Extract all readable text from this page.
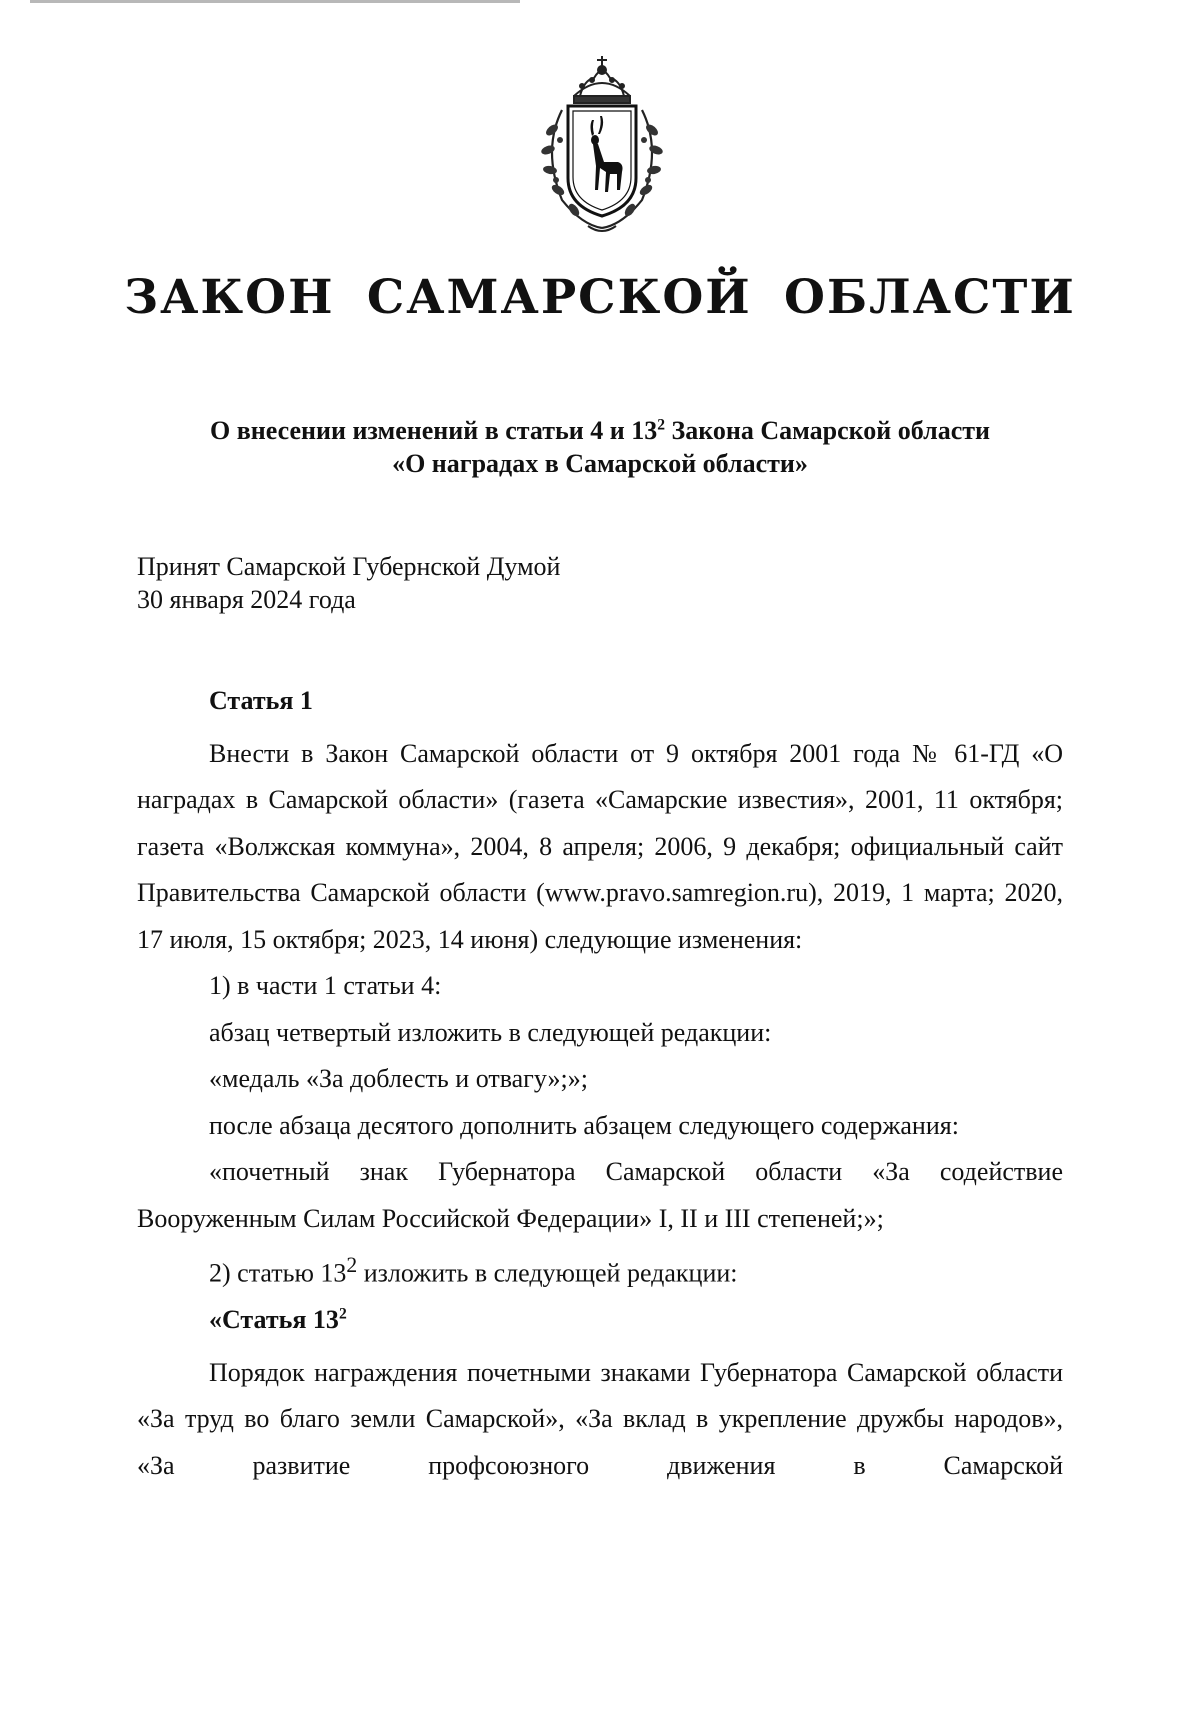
ЗАКОН САМАРСКОЙ ОБЛАСТИ
О внесении изменений в статьи 4 и $13^2$ Закона Самарской области
«О наградах в Самарской области»
Принят Самарской Губернской Думой
30 января 2024 года
Статья 1
Внести в Закон Самарской области от 9 октября 2001 года № 61-ГД «О наградах в Самарской области» (газета «Самарские известия», 2001, 11 октября; газета «Волжская коммуна», 2004, 8 апреля; 2006, 9 декабря; официальный сайт Правительства Самарской области (www.pravo.samregion.ru), 2019, 1 марта; 2020, 17 июля, 15 октября; 2023, 14 июня) следующие изменения:
1) в части 1 статьи 4:
абзац четвертый изложить в следующей редакции:
«медаль «За доблесть и отвагу»;»;
после абзаца десятого дополнить абзацем следующего содержания:
«почетный знак Губернатора Самарской области «За содействие Вооруженным Силам Российской Федерации» I, II и III степеней;»;
2) статью $13^2$ изложить в следующей редакции:
«Статья $13^2$
Порядок награждения почетными знаками Губернатора Самарской области «За труд во благо земли Самарской», «За вклад в укрепление дружбы народов», «За развитие профсоюзного движения в Самарской
